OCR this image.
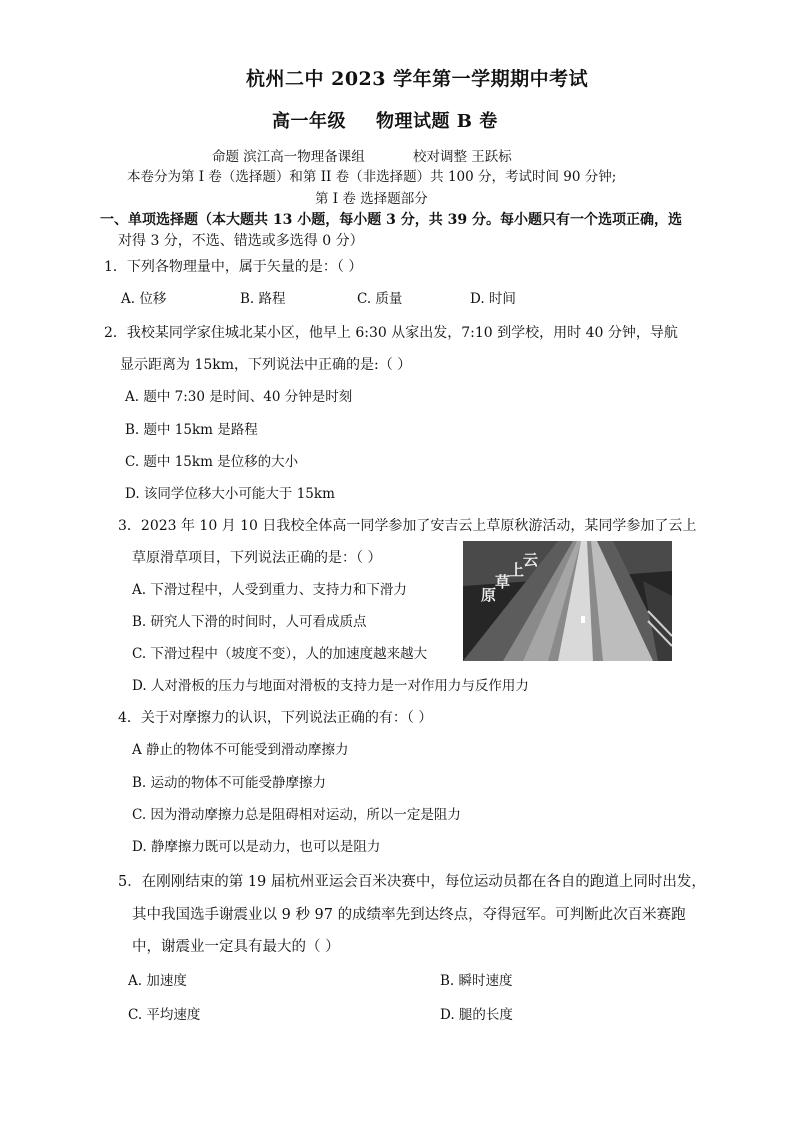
杭州二中 2023 学年第一学期期中考试
高一年级 物理试题 B 卷
命题 滨江高一物理备课组	校对调整 王跃标
本卷分为第 I 卷（选择题）和第 II 卷（非选择题）共 100 分，考试时间 90 分钟;
第 I 卷 选择题部分
一、单项选择题（本大题共 13 小题，每小题 3 分，共 39 分。每小题只有一个选项正确，选
对得 3 分，不选、错选或多选得 0 分）
1．下列各物理量中，属于矢量的是：（ ）
A. 位移	B. 路程	C. 质量	D. 时间
2．我校某同学家住城北某小区，他早上 6:30 从家出发，7:10 到学校，用时 40 分钟，导航
显示距离为 15km，下列说法中正确的是:（ ）
A. 题中 7:30 是时间、40 分钟是时刻
B. 题中 15km 是路程
C. 题中 15km 是位移的大小
D. 该同学位移大小可能大于 15km
3．2023 年 10 月 10 日我校全体高一同学参加了安吉云上草原秋游活动，某同学参加了云上
草原滑草项目，下列说法正确的是：（ ）
原
草
上
云
A. 下滑过程中，人受到重力、支持力和下滑力
B. 研究人下滑的时间时，人可看成质点
C. 下滑过程中（坡度不变），人的加速度越来越大
D. 人对滑板的压力与地面对滑板的支持力是一对作用力与反作用力
4．关于对摩擦力的认识，下列说法正确的有：（ ）
A 静止的物体不可能受到滑动摩擦力
B. 运动的物体不可能受静摩擦力
C. 因为滑动摩擦力总是阻碍相对运动，所以一定是阻力
D. 静摩擦力既可以是动力，也可以是阻力
5．在刚刚结束的第 19 届杭州亚运会百米决赛中，每位运动员都在各自的跑道上同时出发，
其中我国选手谢震业以 9 秒 97 的成绩率先到达终点，夺得冠军。可判断此次百米赛跑
中，谢震业一定具有最大的（ ）
A. 加速度	B. 瞬时速度
C. 平均速度	D. 腿的长度
